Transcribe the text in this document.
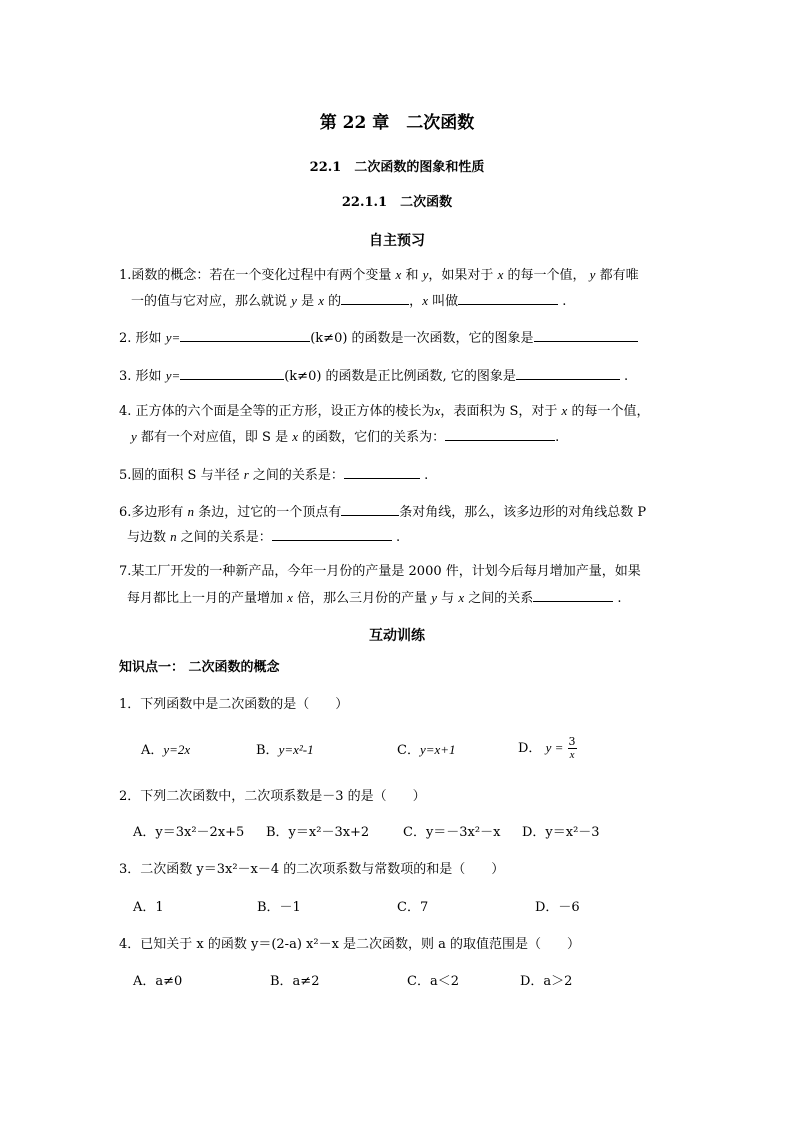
第 22 章　二次函数
22.1　二次函数的图象和性质
22.1.1　二次函数
自主预习
1.函数的概念：若在一个变化过程中有两个变量 x 和 y，如果对于 x 的每一个值， y 都有唯
一的值与它对应，那么就说 y 是 x 的	，x 叫做	.
2. 形如 y=	(k≠0) 的函数是一次函数，它的图象是
3. 形如 y=	(k≠0) 的函数是正比例函数, 它的图象是	.
4. 正方体的六个面是全等的正方形，设正方体的棱长为x，表面积为 S，对于 x 的每一个值，
y 都有一个对应值，即 S 是 x 的函数，它们的关系为：	.
5.圆的面积 S 与半径 r 之间的关系是：	.
6.多边形有 n 条边，过它的一个顶点有	条对角线，那么，该多边形的对角线总数 P
与边数 n 之间的关系是：	.
7.某工厂开发的一种新产品，今年一月份的产量是 2000 件，计划今后每月增加产量，如果
每月都比上一月的产量增加 x 倍，那么三月份的产量 y 与 x 之间的关系	.
互动训练
知识点一： 二次函数的概念
1．下列函数中是二次函数的是（　　）
A．y=2x	B．y=x²-1	C．y=x+1	D． $y = \frac{3}{x}$
2．下列二次函数中，二次项系数是－3 的是（　　）
A．y＝3x²－2x+5 B．y＝x²－3x+2	C．y＝－3x²－x D．y＝x²－3
3．二次函数 y＝3x²－x－4 的二次项系数与常数项的和是（　　）
A．1	B．－1	C．7	D．－6
4．已知关于 x 的函数 y＝(2-a) x²－x 是二次函数，则 a 的取值范围是（　　）
A．a≠0	B．a≠2	C．a＜2	D．a＞2
